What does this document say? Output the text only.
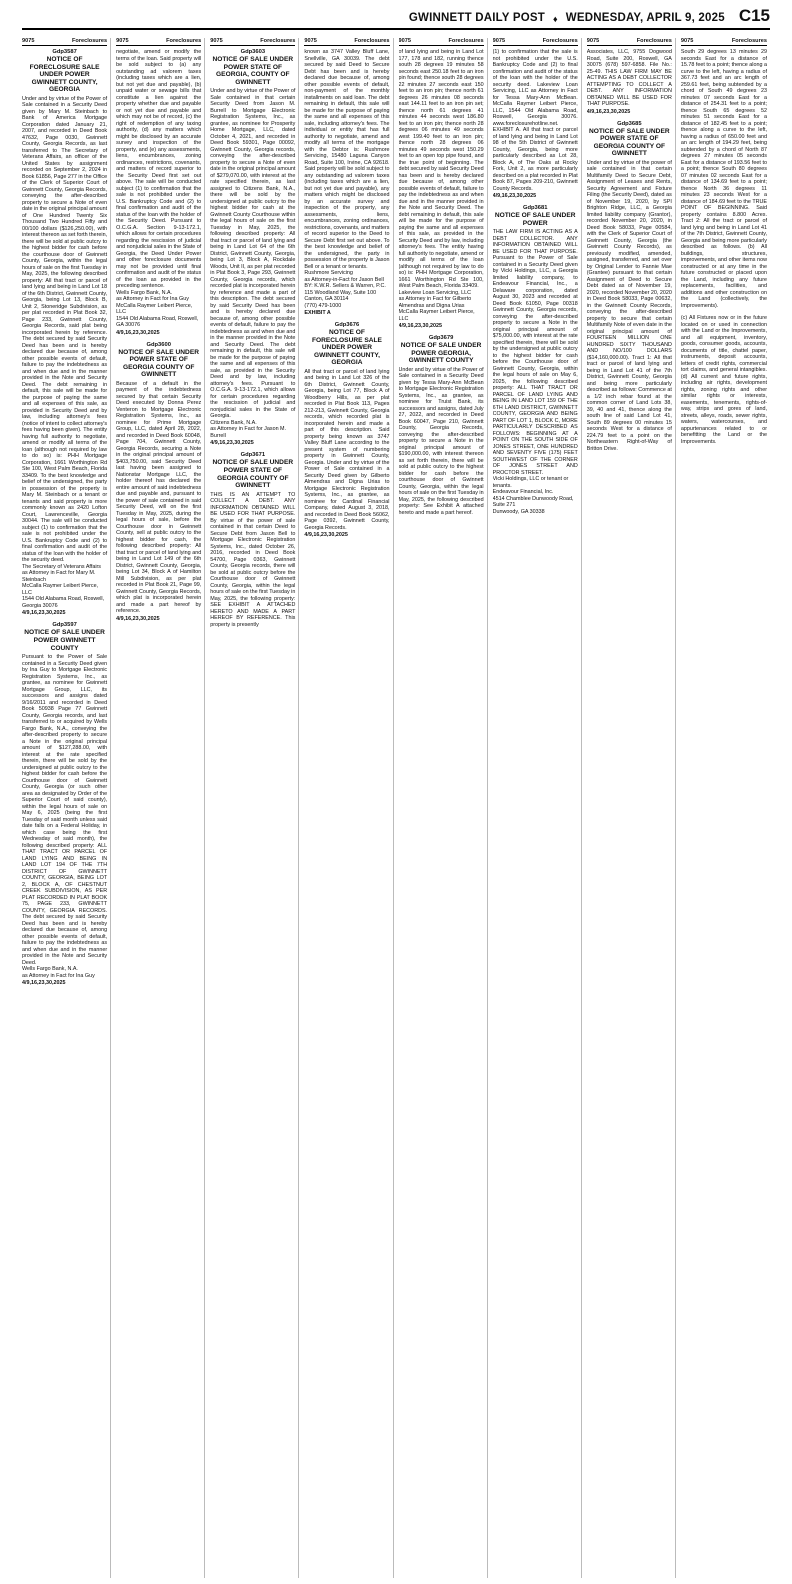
GWINNETT DAILY POST ♦ WEDNESDAY, APRIL 9, 2025 C15
9075	Foreclosures
Gdp3587
NOTICE OF FORECLOSURE SALE UNDER POWER GWINNETT COUNTY, GEORGIA
Under and by virtue of the Power of Sale contained in a Security Deed given by Mary M. Steinbach to Bank of America Mortgage Corporation dated January 21, 2007, and recorded in Deed Book 47632, Page 0030, Gwinnett County, Georgia Records, as last transferred to The Secretary of Veterans Affairs, an officer of the United States by assignment recorded on September 2, 2024 in Book 61856, Page 277 in the Office of the Clerk of Superior Court of Gwinnett County, Georgia Records, conveying the after-described property to secure a Note of even date in the original principal amount of One Hundred Twenty Six Thousand Two Hundred Fifty and 00/100 dollars ($126,250.00), with interest thereon as set forth therein, there will be sold at public outcry to the highest bidder for cash before the courthouse door of Gwinnett County, Georgia, within the legal hours of sale on the first Tuesday in May, 2025, the following described property: All that tract or parcel of land lying and being in Land Lot 18 of the 6th District, Gwinnett County, Georgia, being Lot 13, Block B, Unit 2, Stoneridge Subdivision, as per plat recorded in Plat Book 32, Page 233, Gwinnett County, Georgia Records, said plat being incorporated herein by reference. The debt secured by said Security Deed has been and is hereby declared due because of, among other possible events of default, failure to pay the indebtedness as and when due and in the manner provided in the Note and Security Deed. The debt remaining in default, this sale will be made for the purpose of paying the same and all expenses of this sale, as provided in Security Deed and by law, including attorney's fees (notice of intent to collect attorney's fees having been given). The entity having full authority to negotiate, amend or modify all terms of the loan (although not required by law to do so) is: PHH Mortgage Corporation, 1661 Worthington Rd Ste 100, West Palm Beach, Florida 33409. To the best knowledge and belief of the undersigned, the party in possession of the property is Mary M. Steinbach or a tenant or tenants and said property is more commonly known as 2420 Lofton Court, Lawrenceville, Georgia 30044. The sale will be conducted subject (1) to confirmation that the sale is not prohibited under the U.S. Bankruptcy Code and (2) to final confirmation and audit of the status of the loan with the holder of the security deed.
The Secretary of Veterans Affairs
as Attorney in Fact for Mary M. Steinbach
McCalla Raymer Leibert Pierce, LLC
1544 Old Alabama Road, Roswell, Georgia 30076
4/9,16,23,30,2025
Gdp3597
NOTICE OF SALE UNDER POWER GWINNETT COUNTY
Pursuant to the Power of Sale contained in a Security Deed given by Ina Guy to Mortgage Electronic Registration Systems, Inc., as grantee, as nominee for Gwinnett Mortgage Group, LLC, its successors and assigns dated 9/16/2011 and recorded in Deed Book 50938 Page 77 Gwinnett County, Georgia records, and last transferred to or acquired by Wells Fargo Bank, N.A., conveying the after-described property to secure a Note in the original principal amount of $127,288.00, with interest at the rate specified therein, there will be sold by the undersigned at public outcry to the highest bidder for cash before the Courthouse door of Gwinnett County, Georgia (or such other area as designated by Order of the Superior Court of said county), within the legal hours of sale on May 6, 2025 (being the first Tuesday of said month unless said date falls on a Federal Holiday, in which case being the first Wednesday of said month), the following described property: ALL THAT TRACT OR PARCEL OF LAND LYING AND BEING IN LAND LOT 194 OF THE 7TH DISTRICT OF GWINNETT COUNTY, GEORGIA, BEING LOT 2, BLOCK A, OF CHESTNUT CREEK SUBDIVISION, AS PER PLAT RECORDED IN PLAT BOOK 75, PAGE 233, GWINNETT COUNTY, GEORGIA RECORDS. The debt secured by said Security Deed has been and is hereby declared due because of, among other possible events of default, failure to pay the indebtedness as and when due and in the manner provided in the Note and Security Deed.
Wells Fargo Bank, N.A.
as Attorney in Fact for Ina Guy
4/9,16,23,30,2025
9075	Foreclosures
negotiate, amend or modify the terms of the loan. Said property will be sold subject to (a) any outstanding ad valorem taxes (including taxes which are a lien, but not yet due and payable), (b) unpaid water or sewage bills that constitute a lien against the property whether due and payable or not yet due and payable and which may not be of record, (c) the right of redemption of any taxing authority, (d) any matters which might be disclosed by an accurate survey and inspection of the property, and (e) any assessments, liens, encumbrances, zoning ordinances, restrictions, covenants, and matters of record superior to the Security Deed first set out above. The sale will be conducted subject (1) to confirmation that the sale is not prohibited under the U.S. Bankruptcy Code and (2) to final confirmation and audit of the status of the loan with the holder of the Security Deed. Pursuant to O.C.G.A. Section 9-13-172.1, which allows for certain procedures regarding the rescission of judicial and nonjudicial sales in the State of Georgia, the Deed Under Power and other foreclosure documents may not be provided until final confirmation and audit of the status of the loan as provided in the preceding sentence.
Wells Fargo Bank, N.A.
as Attorney in Fact for Ina Guy
McCalla Raymer Leibert Pierce, LLC
1544 Old Alabama Road, Roswell, GA 30076
4/9,16,23,30,2025
Gdp3600
NOTICE OF SALE UNDER POWER STATE OF GEORGIA COUNTY OF GWINNETT
Because of a default in the payment of the indebtedness secured by that certain Security Deed executed by Donna Perez Venteron to Mortgage Electronic Registration Systems, Inc., as nominee for Prime Mortgage Group, LLC, dated April 28, 2022, and recorded in Deed Book 60048, Page 704, Gwinnett County, Georgia Records, securing a Note in the original principal amount of $403,750.00, said Security Deed last having been assigned to Nationstar Mortgage LLC, the holder thereof has declared the entire amount of said indebtedness due and payable and, pursuant to the power of sale contained in said Security Deed, will on the first Tuesday in May, 2025, during the legal hours of sale, before the Courthouse door in Gwinnett County, sell at public outcry to the highest bidder for cash, the following described property: All that tract or parcel of land lying and being in Land Lot 149 of the 6th District, Gwinnett County, Georgia, being Lot 34, Block A of Hamilton Mill Subdivision, as per plat recorded in Plat Book 21, Page 99, Gwinnett County, Georgia Records, which plat is incorporated herein and made a part hereof by reference.
4/9,16,23,30,2025
9075	Foreclosures
Gdp3603
NOTICE OF SALE UNDER POWER STATE OF GEORGIA, COUNTY OF GWINNETT
Under and by virtue of the Power of Sale contained in that certain Security Deed from Jason M. Burrell to Mortgage Electronic Registration Systems, Inc., as grantee, as nominee for Prosperity Home Mortgage, LLC, dated October 4, 2021, and recorded in Deed Book 59301, Page 00092, Gwinnett County, Georgia records, conveying the after-described property to secure a Note of even date in the original principal amount of $279,070.00, with interest at the rate specified therein, as last assigned to Citizens Bank, N.A., there will be sold by the undersigned at public outcry to the highest bidder for cash at the Gwinnett County Courthouse within the legal hours of sale on the first Tuesday in May, 2025, the following described property: All that tract or parcel of land lying and being in Land Lot 64 of the 6th District, Gwinnett County, Georgia, being Lot 3, Block A, Rockdale Woods, Unit II, as per plat recorded in Plat Book 3, Page 293, Gwinnett County, Georgia records, which recorded plat is incorporated herein by reference and made a part of this description. The debt secured by said Security Deed has been and is hereby declared due because of, among other possible events of default, failure to pay the indebtedness as and when due and in the manner provided in the Note and Security Deed. The debt remaining in default, this sale will be made for the purpose of paying the same and all expenses of this sale, as provided in the Security Deed and by law, including attorney's fees. Pursuant to O.C.G.A. 9-13-172.1, which allows for certain procedures regarding the rescission of judicial and nonjudicial sales in the State of Georgia.
Citizens Bank, N.A.
as Attorney in Fact for Jason M. Burrell
4/9,16,23,30,2025
Gdp3671
NOTICE OF SALE UNDER POWER STATE OF GEORGIA COUNTY OF GWINNETT
THIS IS AN ATTEMPT TO COLLECT A DEBT. ANY INFORMATION OBTAINED WILL BE USED FOR THAT PURPOSE. By virtue of the power of sale contained in that certain Deed to Secure Debt from Jason Bell to Mortgage Electronic Registration Systems, Inc., dated October 26, 2016, recorded in Deed Book 54700, Page 0363, Gwinnett County, Georgia records, there will be sold at public outcry before the Courthouse door of Gwinnett County, Georgia, within the legal hours of sale on the first Tuesday in May, 2025, the following property: SEE EXHIBIT A ATTACHED HERETO AND MADE A PART HEREOF BY REFERENCE. This property is presently
9075	Foreclosures
known as 3747 Valley Bluff Lane, Snellville, GA 30039. The debt secured by said Deed to Secure Debt has been and is hereby declared due because of, among other possible events of default, non-payment of the monthly installments on said loan. The debt remaining in default, this sale will be made for the purpose of paying the same and all expenses of this sale, including attorney's fees. The individual or entity that has full authority to negotiate, amend and modify all terms of the mortgage with the Debtor is: Rushmore Servicing, 15480 Laguna Canyon Road, Suite 100, Irvine, CA 92618. Said property will be sold subject to any outstanding ad valorem taxes (including taxes which are a lien, but not yet due and payable), any matters which might be disclosed by an accurate survey and inspection of the property, any assessments, liens, encumbrances, zoning ordinances, restrictions, covenants, and matters of record superior to the Deed to Secure Debt first set out above. To the best knowledge and belief of the undersigned, the party in possession of the property is Jason Bell or a tenant or tenants.
Rushmore Servicing
as Attorney-in-Fact for Jason Bell
BY: K.W.R. Sellers & Warren, P.C.
115 Woodland Way, Suite 100
Canton, GA 30114
(770) 479-1000
EXHIBIT A
Gdp3676
NOTICE OF FORECLOSURE SALE UNDER POWER GWINNETT COUNTY, GEORGIA
All that tract or parcel of land lying and being in Land Lot 326 of the 6th District, Gwinnett County, Georgia, being Lot 77, Block A of Woodberry Hills, as per plat recorded in Plat Book 113, Pages 212-213, Gwinnett County, Georgia records, which recorded plat is incorporated herein and made a part of this description. Said property being known as 3747 Valley Bluff Lane according to the present system of numbering property in Gwinnett County, Georgia. Under and by virtue of the Power of Sale contained in a Security Deed given by Gilberto Almendras and Digna Urias to Mortgage Electronic Registration Systems, Inc., as grantee, as nominee for Cardinal Financial Company, dated August 3, 2018, and recorded in Deed Book 56062, Page 0392, Gwinnett County, Georgia Records.
4/9,16,23,30,2025
9075	Foreclosures
of land lying and being in Land Lot 177, 178 and 182, running thence south 28 degrees 19 minutes 58 seconds east 250.18 feet to an iron pin found; thence south 28 degrees 22 minutes 27 seconds east 150 feet to an iron pin; thence north 61 degrees 26 minutes 08 seconds east 144.11 feet to an iron pin set; thence north 61 degrees 41 minutes 44 seconds west 186.80 feet to an iron pin; thence north 28 degrees 06 minutes 49 seconds west 199.40 feet to an iron pin; thence north 28 degrees 06 minutes 49 seconds west 150.29 feet to an open top pipe found, and the true point of beginning. The debt secured by said Security Deed has been and is hereby declared due because of, among other possible events of default, failure to pay the indebtedness as and when due and in the manner provided in the Note and Security Deed. The debt remaining in default, this sale will be made for the purpose of paying the same and all expenses of this sale, as provided in the Security Deed and by law, including attorney's fees. The entity having full authority to negotiate, amend or modify all terms of the loan (although not required by law to do so) is: PHH Mortgage Corporation, 1661 Worthington Rd Ste 100, West Palm Beach, Florida 33409.
Lakeview Loan Servicing, LLC
as Attorney in Fact for Gilberto Almendras and Digna Urias
McCalla Raymer Leibert Pierce, LLC
4/9,16,23,30,2025
Gdp3679
NOTICE OF SALE UNDER POWER GEORGIA, GWINNETT COUNTY
Under and by virtue of the Power of Sale contained in a Security Deed given by Tessa Mary-Ann McBean to Mortgage Electronic Registration Systems, Inc., as grantee, as nominee for Truist Bank, its successors and assigns, dated July 27, 2022, and recorded in Deed Book 60047, Page 210, Gwinnett County, Georgia Records, conveying the after-described property to secure a Note in the original principal amount of $190,000.00, with interest thereon as set forth therein, there will be sold at public outcry to the highest bidder for cash before the courthouse door of Gwinnett County, Georgia, within the legal hours of sale on the first Tuesday in May, 2025, the following described property: See Exhibit A attached hereto and made a part hereof.
9075	Foreclosures
(1) to confirmation that the sale is not prohibited under the U.S. Bankruptcy Code and (2) to final confirmation and audit of the status of the loan with the holder of the security deed. Lakeview Loan Servicing, LLC as Attorney in Fact for Tessa Mary-Ann McBean. McCalla Raymer Leibert Pierce, LLC, 1544 Old Alabama Road, Roswell, Georgia 30076. www.foreclosurehotline.net. EXHIBIT A. All that tract or parcel of land lying and being in Land Lot 98 of the 5th District of Gwinnett County, Georgia, being more particularly described as Lot 28, Block A, of The Oaks at Rocky Fork, Unit 2, as more particularly described on a plat recorded in Plat Book 87, Pages 209-210, Gwinnett County Records.
4/9,16,23,30,2025
Gdp3681
NOTICE OF SALE UNDER POWER
THE LAW FIRM IS ACTING AS A DEBT COLLECTOR. ANY INFORMATION OBTAINED WILL BE USED FOR THAT PURPOSE. Pursuant to the Power of Sale contained in a Security Deed given by Vicki Holdings, LLC, a Georgia limited liability company, to Endeavour Financial, Inc., a Delaware corporation, dated August 30, 2023 and recorded at Deed Book 61050, Page 00318 Gwinnett County, Georgia records, conveying the after-described property to secure a Note in the original principal amount of $75,000.00, with interest at the rate specified therein, there will be sold by the undersigned at public outcry to the highest bidder for cash before the Courthouse door of Gwinnett County, Georgia, within the legal hours of sale on May 6, 2025, the following described property: ALL THAT TRACT OR PARCEL OF LAND LYING AND BEING IN LAND LOT 159 OF THE 6TH LAND DISTRICT, GWINNETT COUNTY, GEORGIA AND BEING PART OF LOT 1, BLOCK C, MORE PARTICULARLY DESCRIBED AS FOLLOWS: BEGINNING AT A POINT ON THE SOUTH SIDE OF JONES STREET, ONE HUNDRED AND SEVENTY FIVE (175) FEET SOUTHWEST OF THE CORNER OF JONES STREET AND PROCTOR STREET.
Vicki Holdings, LLC or tenant or tenants.
Endeavour Financial, Inc.
4514 Chamblee Dunwoody Road, Suite 271
Dunwoody, GA 30338
9075	Foreclosures
Associates, LLC, 9755 Dogwood Road, Suite 200, Roswell, GA 30075 (678) 597-6858. File No.: 25-49. THIS LAW FIRM MAY BE ACTING AS A DEBT COLLECTOR ATTEMPTING TO COLLECT A DEBT. ANY INFORMATION OBTAINED WILL BE USED FOR THAT PURPOSE.
4/9,16,23,30,2025
Gdp3685
NOTICE OF SALE UNDER POWER STATE OF GEORGIA COUNTY OF GWINNETT
Under and by virtue of the power of sale contained in that certain Multifamily Deed to Secure Debt, Assignment of Leases and Rents, Security Agreement and Fixture Filing (the Security Deed), dated as of November 19, 2020, by SPI Brighton Ridge, LLC, a Georgia limited liability company (Grantor), recorded November 20, 2020, in Deed Book 58033, Page 00584, with the Clerk of Superior Court of Gwinnett County, Georgia (the Gwinnett County Records), as previously modified, amended, assigned, transferred, and set over by Original Lender to Fannie Mae (Grantee) pursuant to that certain Assignment of Deed to Secure Debt dated as of November 19, 2020, recorded November 20, 2020 in Deed Book 58033, Page 00632, in the Gwinnett County Records, conveying the after-described property to secure that certain Multifamily Note of even date in the original principal amount of FOURTEEN MILLION ONE HUNDRED SIXTY THOUSAND AND NO/100 DOLLARS ($14,160,000.00). Tract 1: All that tract or parcel of land lying and being in Land Lot 41 of the 7th District, Gwinnett County, Georgia and being more particularly described as follows: Commence at a 1/2 inch rebar found at the common corner of Land Lots 38, 39, 40 and 41, thence along the south line of said Land Lot 41, South 89 degrees 00 minutes 15 seconds West for a distance of 224.79 feet to a point on the Northeastern Right-of-Way of Britton Drive.
9075	Foreclosures
South 29 degrees 13 minutes 29 seconds East for a distance of 15.78 feet to a point; thence along a curve to the left, having a radius of 367.73 feet and an arc length of 259.61 feet, being subtended by a chord of South 49 degrees 23 minutes 07 seconds East for a distance of 254.31 feet to a point; thence South 65 degrees 52 minutes 51 seconds East for a distance of 182.45 feet to a point; thence along a curve to the left, having a radius of 650.00 feet and an arc length of 194.29 feet, being subtended by a chord of North 87 degrees 27 minutes 05 seconds East for a distance of 193.56 feet to a point; thence South 80 degrees 07 minutes 02 seconds East for a distance of 134.69 feet to a point; thence North 36 degrees 11 minutes 23 seconds West for a distance of 184.69 feet to the TRUE POINT OF BEGINNING. Said property contains 8.800 Acres. Tract 2: All the tract or parcel of land lying and being in Land Lot 41 of the 7th District, Gwinnett County, Georgia and being more particularly described as follows. (b) All buildings, structures, improvements, and other items now constructed or at any time in the future constructed or placed upon the Land, including any future replacements, facilities, and additions and other construction on the Land (collectively, the Improvements).
(c) All Fixtures now or in the future located on or used in connection with the Land or the Improvements, and all equipment, inventory, goods, consumer goods, accounts, documents of title, chattel paper, instruments, deposit accounts, letters of credit rights, commercial tort claims, and general intangibles. (d) All current and future rights, including air rights, development rights, zoning rights and other similar rights or interests, easements, tenements, rights-of-way, strips and gores of land, streets, alleys, roads, sewer rights, waters, watercourses, and appurtenances related to or benefitting the Land or the Improvements.
